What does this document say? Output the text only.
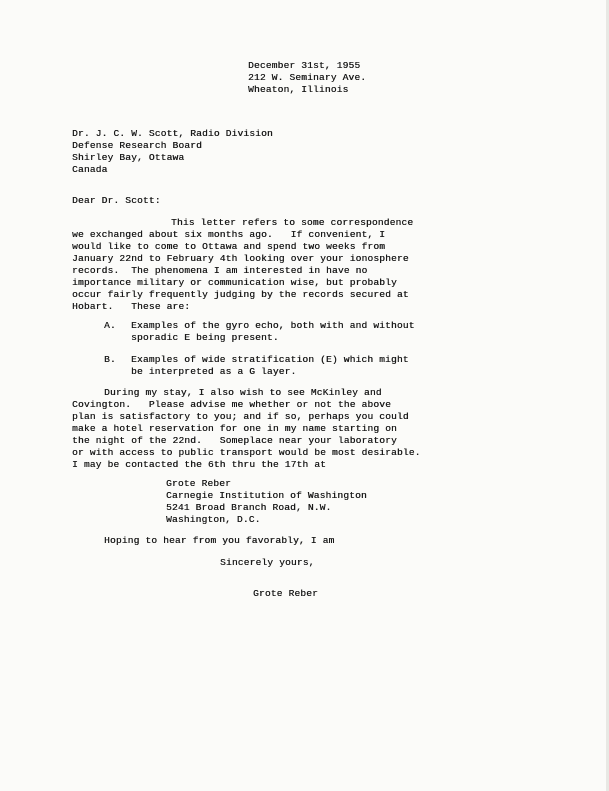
December 31st, 1955
212 W. Seminary Ave.
Wheaton, Illinois
Dr. J. C. W. Scott, Radio Division
Defense Research Board
Shirley Bay, Ottawa
Canada
Dear Dr. Scott:
This letter refers to some correspondence
we exchanged about six months ago.   If convenient, I
would like to come to Ottawa and spend two weeks from
January 22nd to February 4th looking over your ionosphere
records.  The phenomena I am interested in have no
importance military or communication wise, but probably
occur fairly frequently judging by the records secured at
Hobart.   These are:
A. Examples of the gyro echo, both with and without
sporadic E being present.
B. Examples of wide stratification (E) which might
be interpreted as a G layer.
During my stay, I also wish to see McKinley and
Covington.   Please advise me whether or not the above
plan is satisfactory to you; and if so, perhaps you could
make a hotel reservation for one in my name starting on
the night of the 22nd.   Someplace near your laboratory
or with access to public transport would be most desirable.
I may be contacted the 6th thru the 17th at
Grote Reber
Carnegie Institution of Washington
5241 Broad Branch Road, N.W.
Washington, D.C.
Hoping to hear from you favorably, I am
Sincerely yours,
Grote Reber
